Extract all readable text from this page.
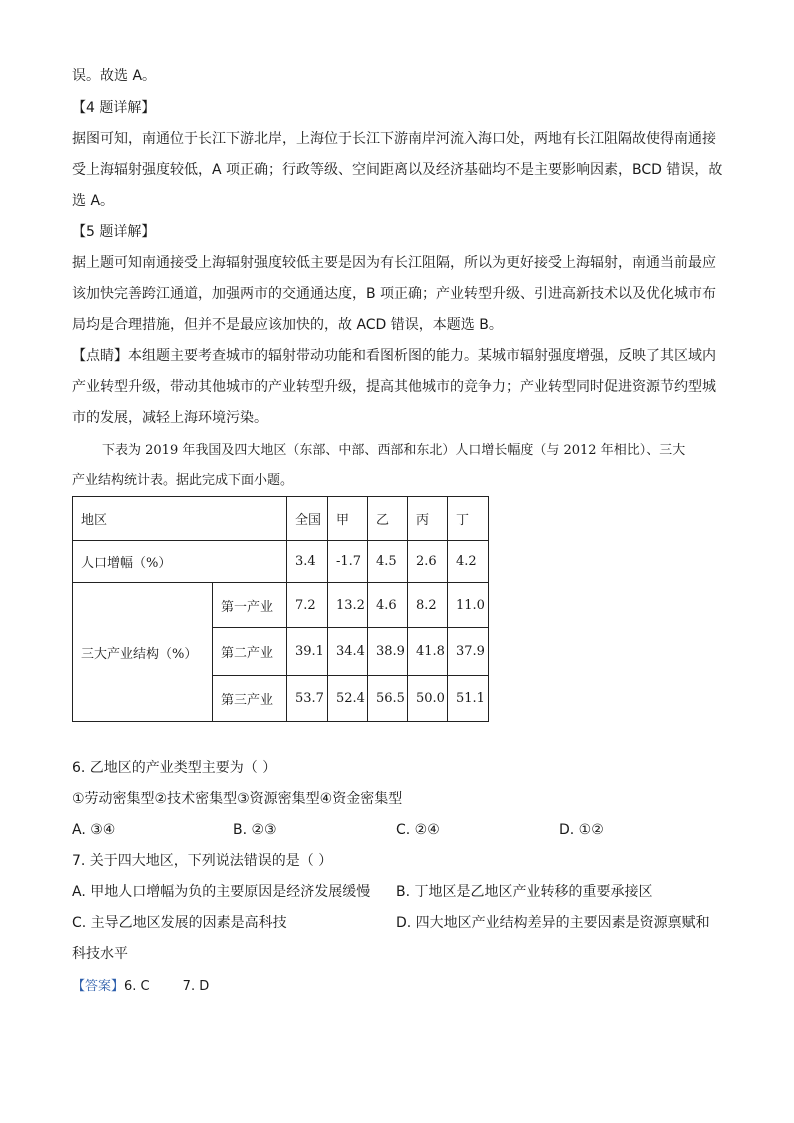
误。故选 A。
【4 题详解】
据图可知，南通位于长江下游北岸，上海位于长江下游南岸河流入海口处，两地有长江阻隔故使得南通接
受上海辐射强度较低，A 项正确；行政等级、空间距离以及经济基础均不是主要影响因素，BCD 错误，故
选 A。
【5 题详解】
据上题可知南通接受上海辐射强度较低主要是因为有长江阻隔，所以为更好接受上海辐射，南通当前最应
该加快完善跨江通道，加强两市的交通通达度，B 项正确；产业转型升级、引进高新技术以及优化城市布
局均是合理措施，但并不是最应该加快的，故 ACD 错误，本题选 B。
【点睛】本组题主要考查城市的辐射带动功能和看图析图的能力。某城市辐射强度增强，反映了其区域内
产业转型升级，带动其他城市的产业转型升级，提高其他城市的竞争力；产业转型同时促进资源节约型城
市的发展，减轻上海环境污染。
下表为 2019 年我国及四大地区（东部、中部、西部和东北）人口增长幅度（与 2012 年相比）、三大
产业结构统计表。据此完成下面小题。
地区		全国	甲	乙	丙	丁
人口增幅（%）		3.4	-1.7	4.5	2.6	4.2
三大产业结构（%）	第一产业	7.2	13.2	4.6	8.2	11.0
	第二产业	39.1	34.4	38.9	41.8	37.9
	第三产业	53.7	52.4	56.5	50.0	51.1
6. 乙地区的产业类型主要为（ ）
①劳动密集型②技术密集型③资源密集型④资金密集型
A. ③④	B. ②③	C. ②④	D. ①②
7. 关于四大地区，下列说法错误的是（ ）
A. 甲地人口增幅为负的主要原因是经济发展缓慢 B. 丁地区是乙地区产业转移的重要承接区
C. 主导乙地区发展的因素是高科技	D. 四大地区产业结构差异的主要因素是资源禀赋和
科技水平
【答案】6. C        7. D
